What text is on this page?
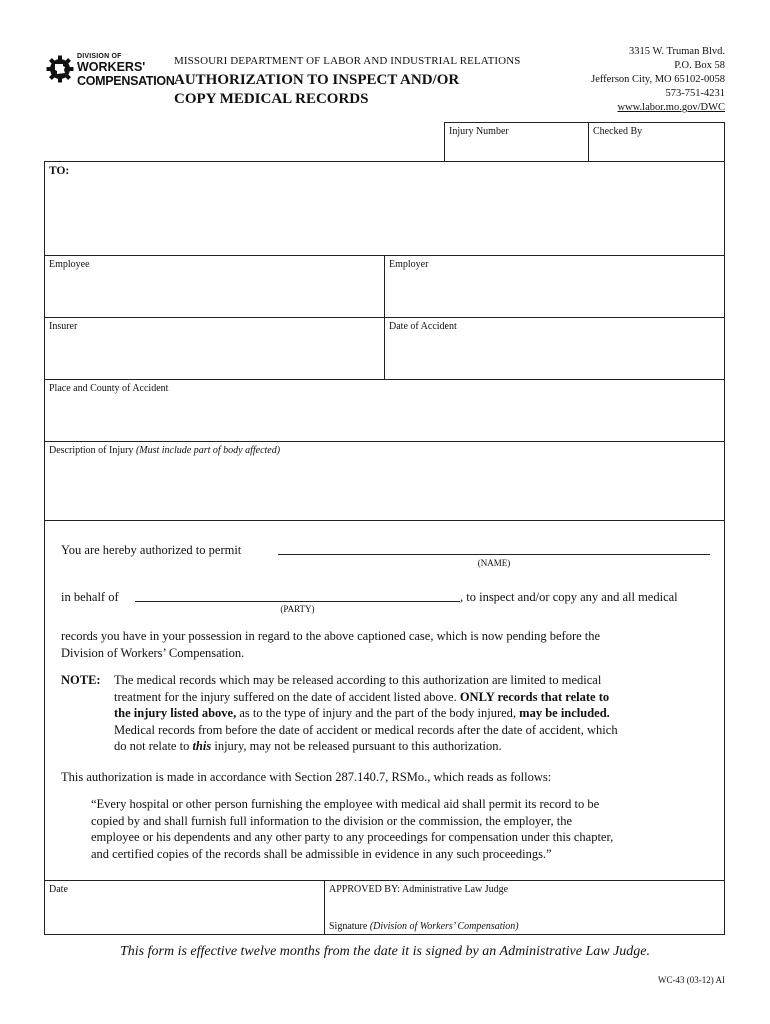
DIVISION OF
WORKERS'
COMPENSATION
MISSOURI DEPARTMENT OF LABOR AND INDUSTRIAL RELATIONS
AUTHORIZATION TO INSPECT AND/OR
COPY MEDICAL RECORDS
3315 W. Truman Blvd.
P.O. Box 58
Jefferson City, MO 65102-0058
573-751-4231
www.labor.mo.gov/DWC
Injury Number	Checked By
TO:
Employee	Employer
Insurer	Date of Accident
Place and County of Accident
Description of Injury (Must include part of body affected)
You are hereby authorized to permit
(NAME)
in behalf of
(PARTY)
, to inspect and/or copy any and all medical
records you have in your possession in regard to the above captioned case, which is now pending before the
Division of Workers’ Compensation.
NOTE: The medical records which may be released according to this authorization are limited to medical
treatment for the injury suffered on the date of accident listed above. ONLY records that relate to
the injury listed above, as to the type of injury and the part of the body injured, may be included.
Medical records from before the date of accident or medical records after the date of accident, which
do not relate to this injury, may not be released pursuant to this authorization.
This authorization is made in accordance with Section 287.140.7, RSMo., which reads as follows:
“Every hospital or other person furnishing the employee with medical aid shall permit its record to be
copied by and shall furnish full information to the division or the commission, the employer, the
employee or his dependents and any other party to any proceedings for compensation under this chapter,
and certified copies of the records shall be admissible in evidence in any such proceedings.”
Date	APPROVED BY: Administrative Law Judge
Signature (Division of Workers’ Compensation)
This form is effective twelve months from the date it is signed by an Administrative Law Judge.
WC-43 (03-12) AI
